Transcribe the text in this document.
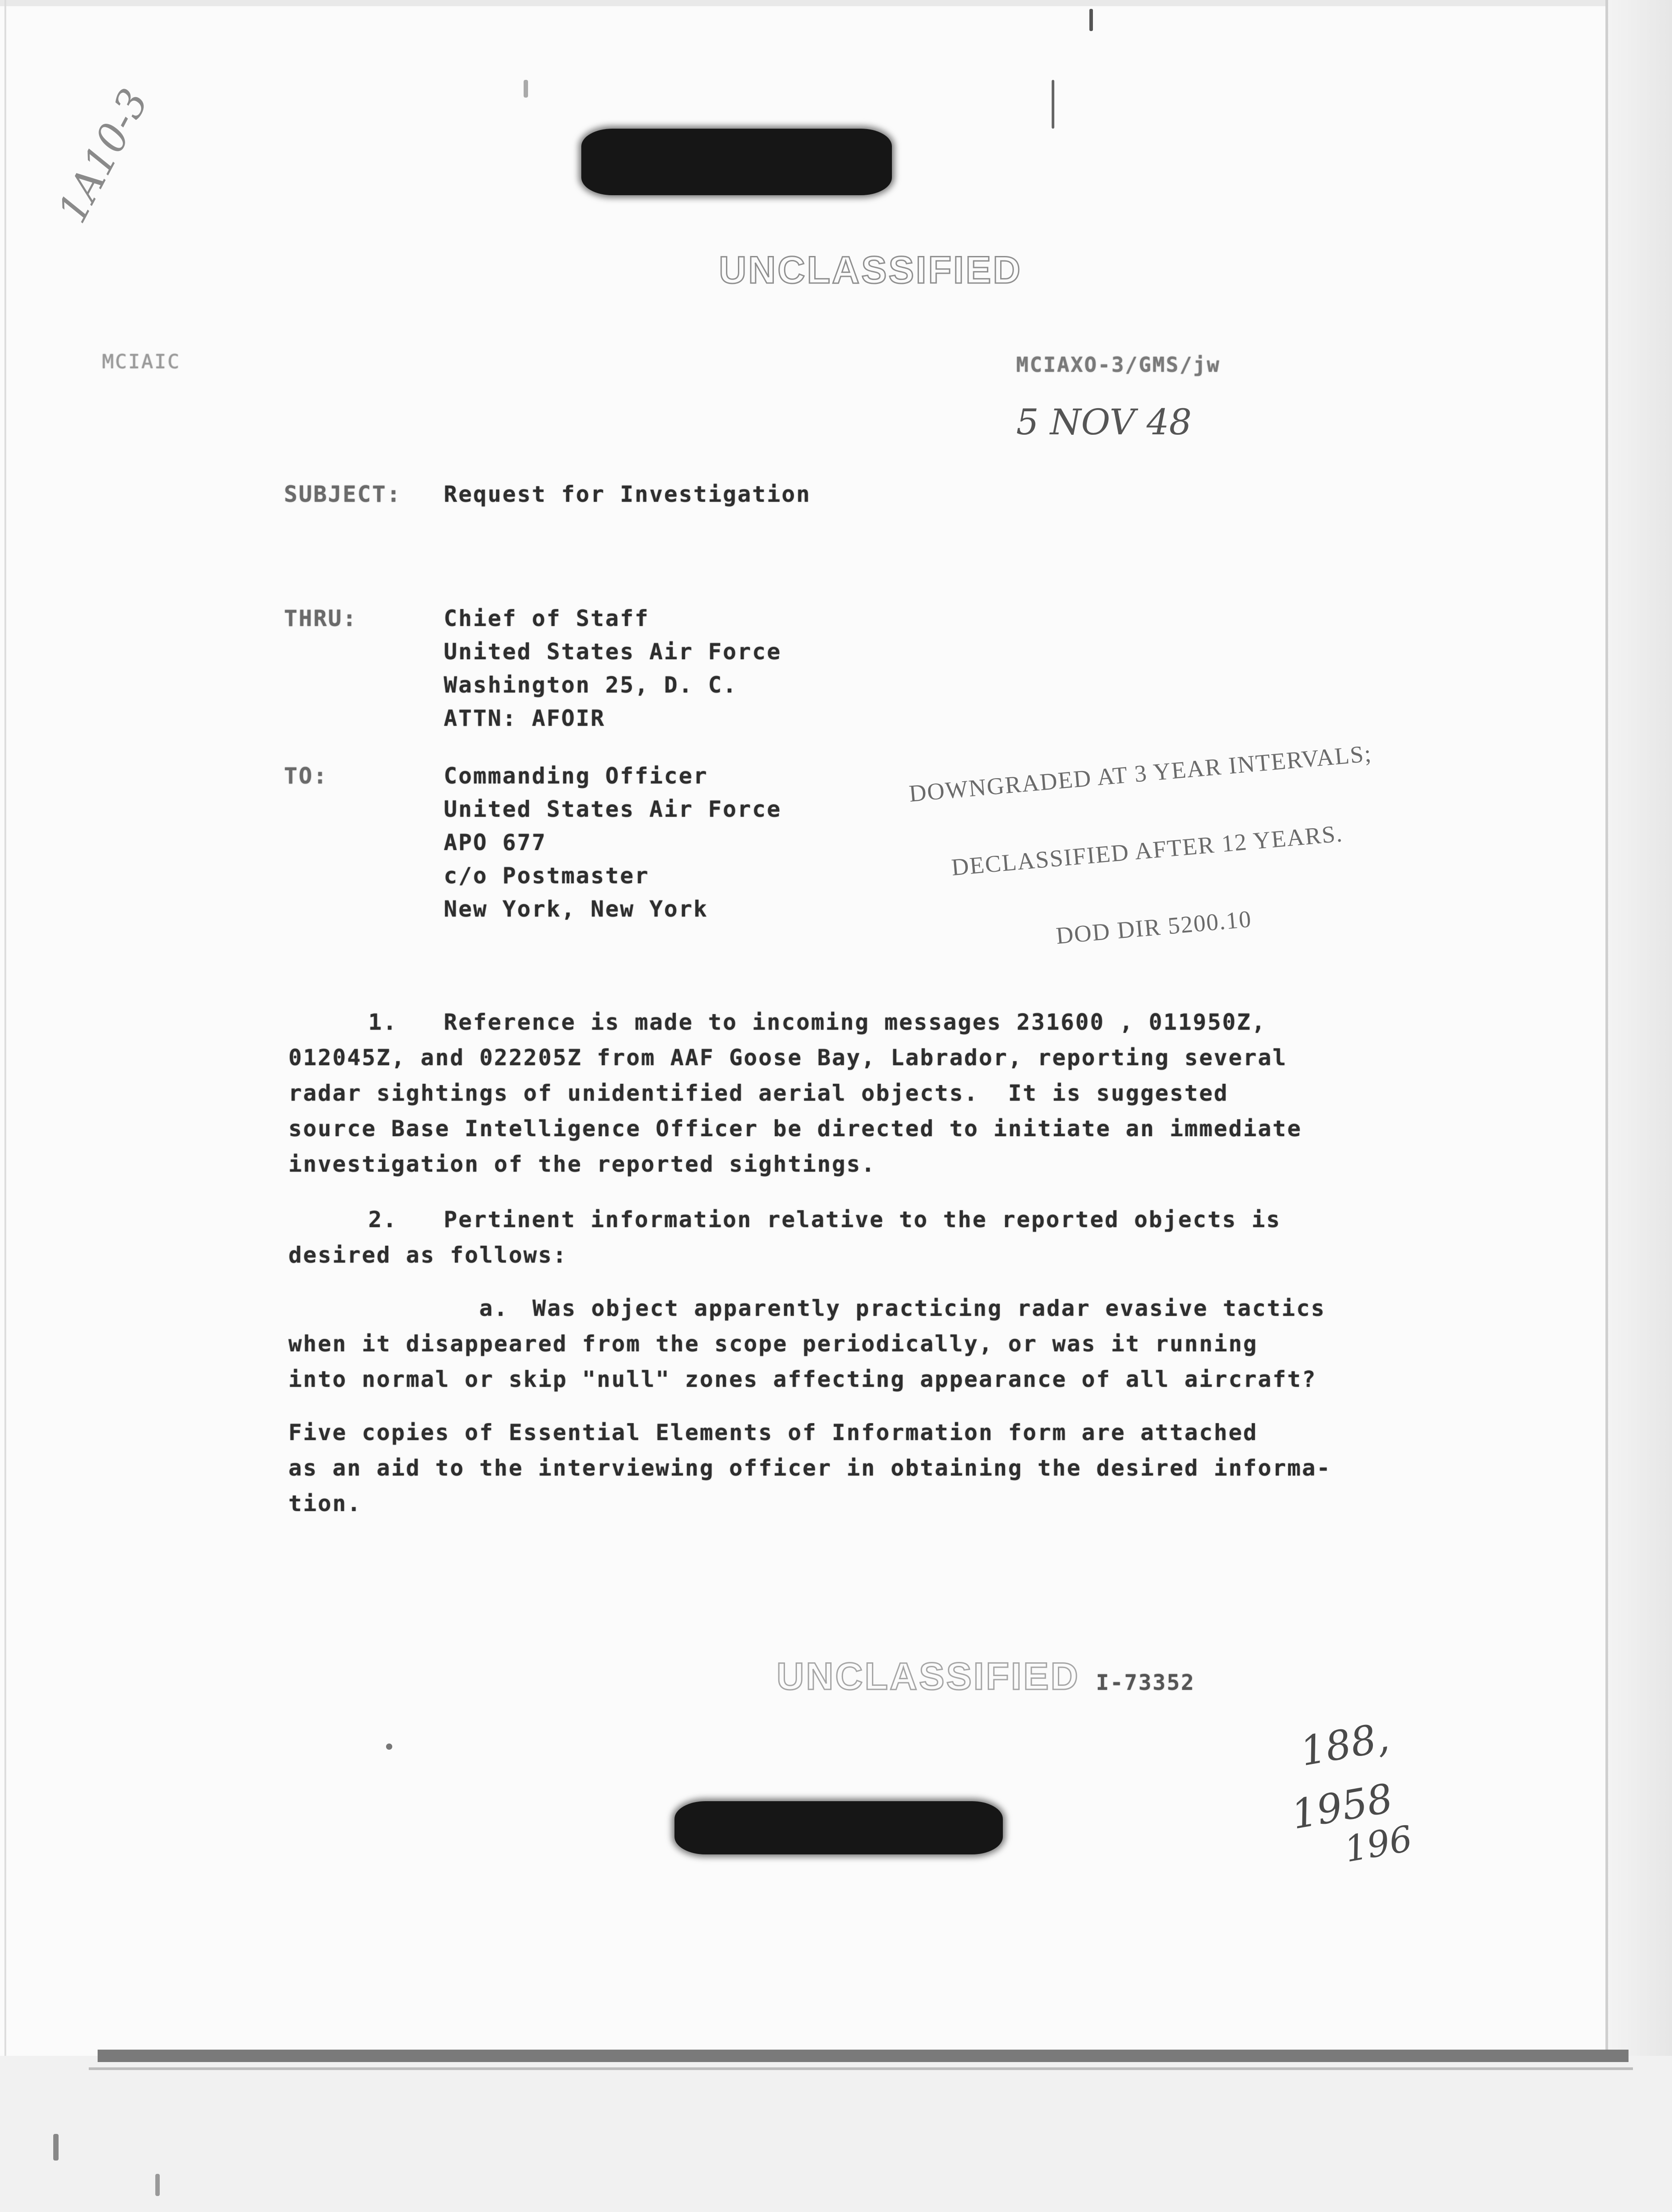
1A10-3
UNCLASSIFIED
MCIAIC	MCIAXO-3/GMS/jw
5 NOV 48
SUBJECT: Request for Investigation
THRU:	Chief of Staff
United States Air Force
Washington 25, D. C.
ATTN: AFOIR
TO:	Commanding Officer
United States Air Force
APO 677
c/o Postmaster
New York, New York

DOWNGRADED AT 3 YEAR INTERVALS;

DECLASSIFIED AFTER 12 YEARS.

DOD DIR 5200.10

1. Reference is made to incoming messages 231600 , 011950Z,
012045Z, and 022205Z from AAF Goose Bay, Labrador, reporting several
radar sightings of unidentified aerial objects.  It is suggested
source Base Intelligence Officer be directed to initiate an immediate
investigation of the reported sightings.
2. Pertinent information relative to the reported objects is
desired as follows:
a. Was object apparently practicing radar evasive tactics
when it disappeared from the scope periodically, or was it running
into normal or skip "null" zones affecting appearance of all aircraft?
Five copies of Essential Elements of Information form are attached
as an aid to the interviewing officer in obtaining the desired informa-
tion.
UNCLASSIFIED I-73352
188,
1958
196
